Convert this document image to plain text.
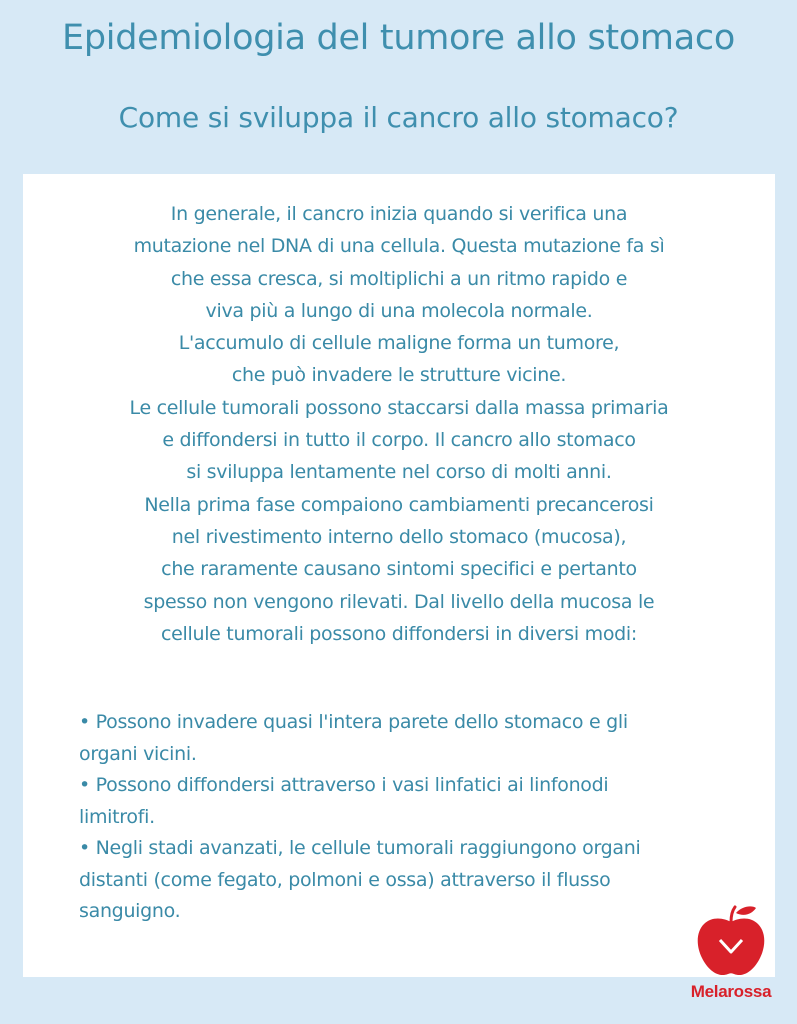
Epidemiologia del tumore allo stomaco
Come si sviluppa il cancro allo stomaco?
In generale, il cancro inizia quando si verifica una
mutazione nel DNA di una cellula. Questa mutazione fa sì
che essa cresca, si moltiplichi a un ritmo rapido e
viva più a lungo di una molecola normale.
L'accumulo di cellule maligne forma un tumore,
che può invadere le strutture vicine.
Le cellule tumorali possono staccarsi dalla massa primaria
e diffondersi in tutto il corpo. Il cancro allo stomaco
si sviluppa lentamente nel corso di molti anni.
Nella prima fase compaiono cambiamenti precancerosi
nel rivestimento interno dello stomaco (mucosa),
che raramente causano sintomi specifici e pertanto
spesso non vengono rilevati. Dal livello della mucosa le
cellule tumorali possono diffondersi in diversi modi:
• Possono invadere quasi l'intera parete dello stomaco e gli
organi vicini.
• Possono diffondersi attraverso i vasi linfatici ai linfonodi
limitrofi.
• Negli stadi avanzati, le cellule tumorali raggiungono organi
distanti (come fegato, polmoni e ossa) attraverso il flusso
sanguigno.
Melarossa
